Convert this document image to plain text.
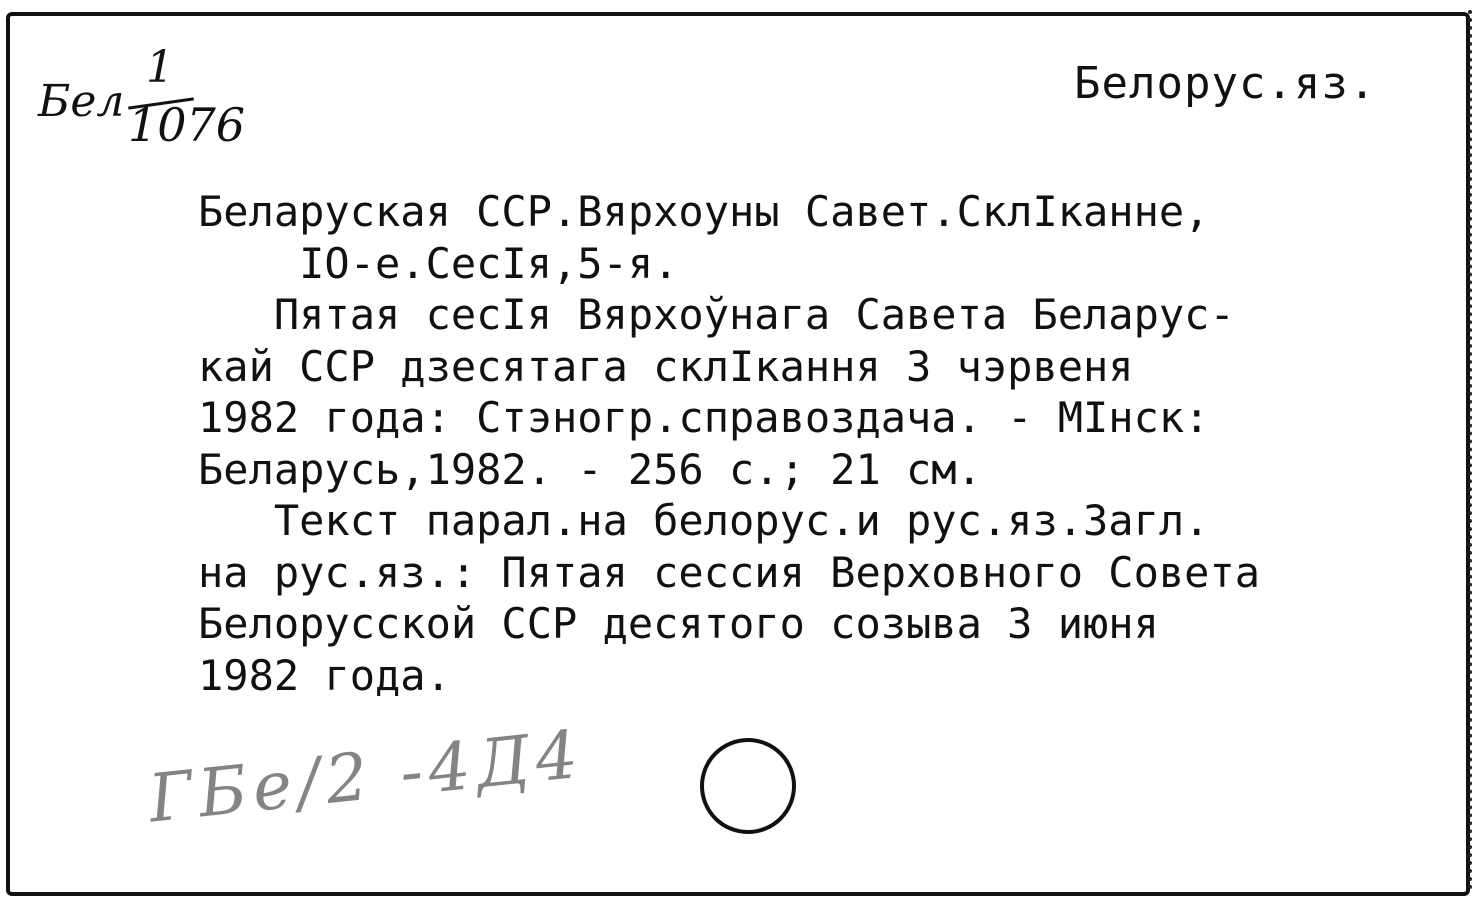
Бел
1
1076
Белорус.яз.
Беларуская ССР.Вярхоуны Савет.СклIканне,
IО-е.СесIя,5-я.
Пятая сесIя Вярхоўнага Савета Беларус-
кай ССР дзесятага склIкання 3 чэрвеня
1982 года: Стэногр.справоздача. - МIнск:
Беларусь,1982. - 256 с.; 21 см.
Текст парал.на белорус.и рус.яз.Загл.
на рус.яз.: Пятая сессия Верховного Совета
Белорусской ССР десятого созыва 3 июня
1982 года.
ГБе/2 -4Д4
